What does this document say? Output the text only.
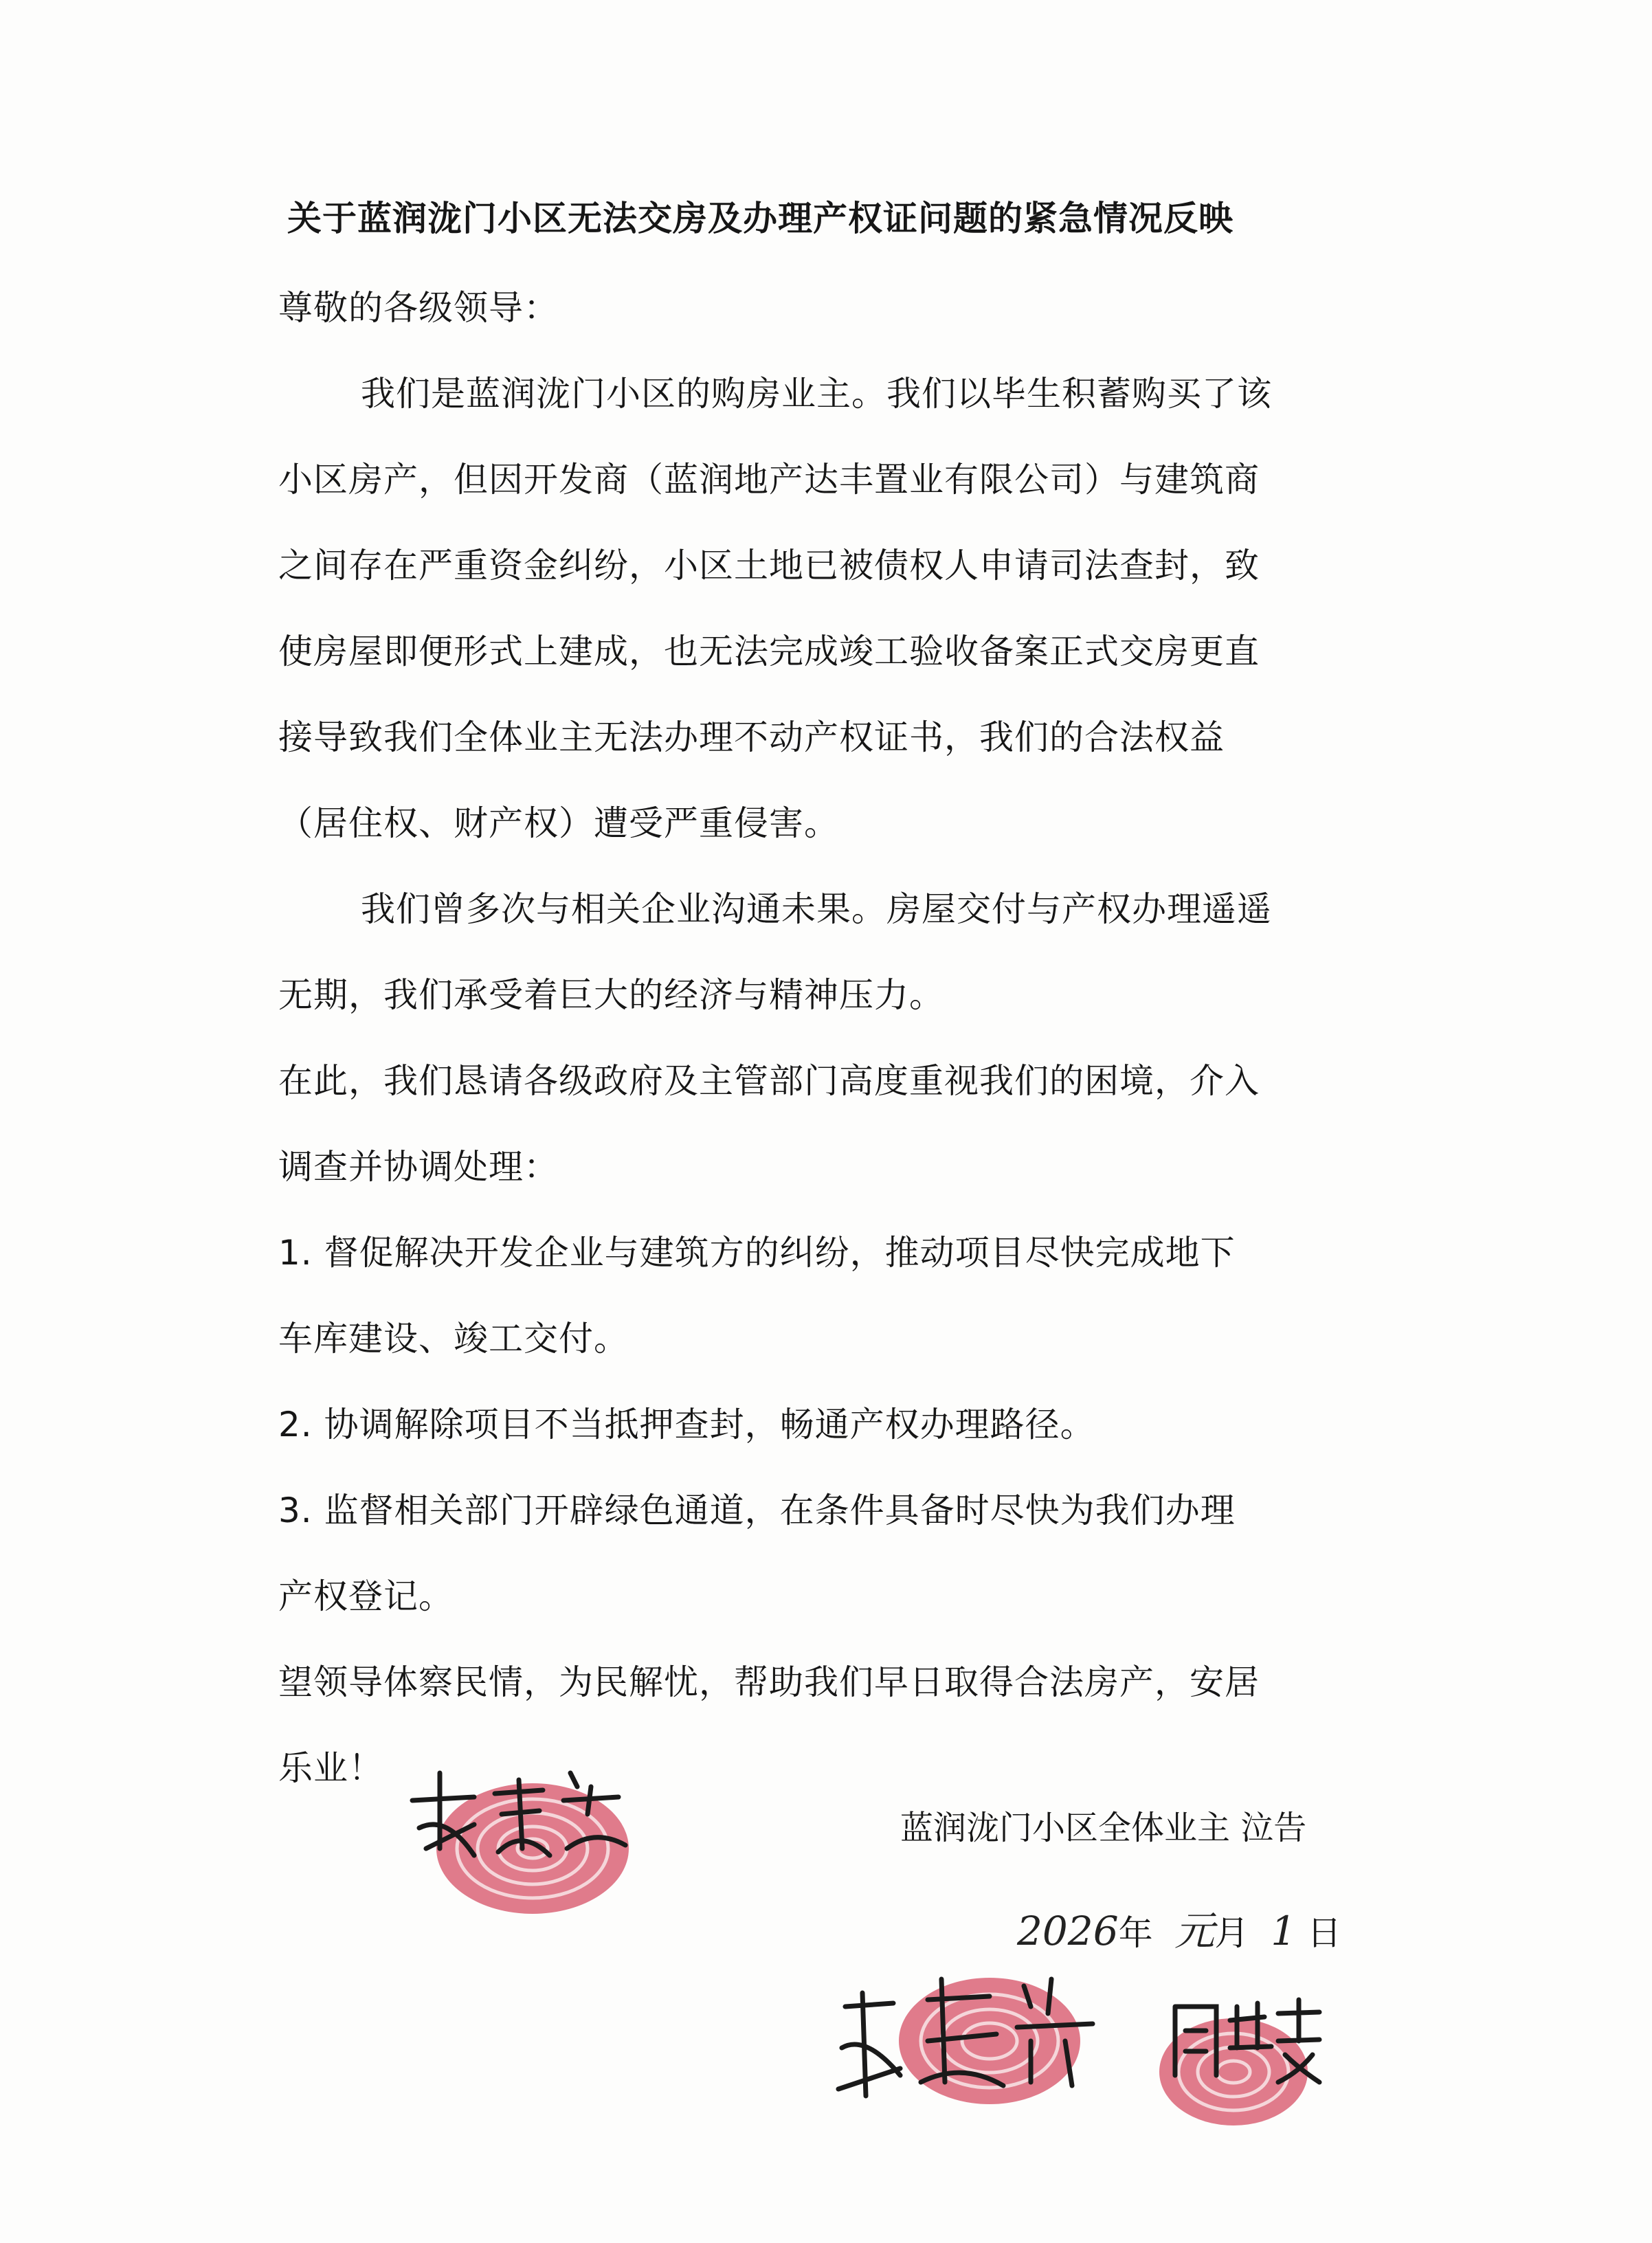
关于蓝润泷门小区无法交房及办理产权证问题的紧急情况反映
尊敬的各级领导：
我们是蓝润泷门小区的购房业主。我们以毕生积蓄购买了该
小区房产，但因开发商（蓝润地产达丰置业有限公司）与建筑商
之间存在严重资金纠纷，小区土地已被债权人申请司法查封，致
使房屋即便形式上建成，也无法完成竣工验收备案正式交房更直
接导致我们全体业主无法办理不动产权证书，我们的合法权益
（居住权、财产权）遭受严重侵害。
我们曾多次与相关企业沟通未果。房屋交付与产权办理遥遥
无期，我们承受着巨大的经济与精神压力。
在此，我们恳请各级政府及主管部门高度重视我们的困境，介入
调查并协调处理：
1. 督促解决开发企业与建筑方的纠纷，推动项目尽快完成地下
车库建设、竣工交付。
2. 协调解除项目不当抵押查封，畅通产权办理路径。
3. 监督相关部门开辟绿色通道，在条件具备时尽快为我们办理
产权登记。
望领导体察民情，为民解忧，帮助我们早日取得合法房产，安居
乐业！
蓝润泷门小区全体业主 泣告
2026年 元月 1 日
